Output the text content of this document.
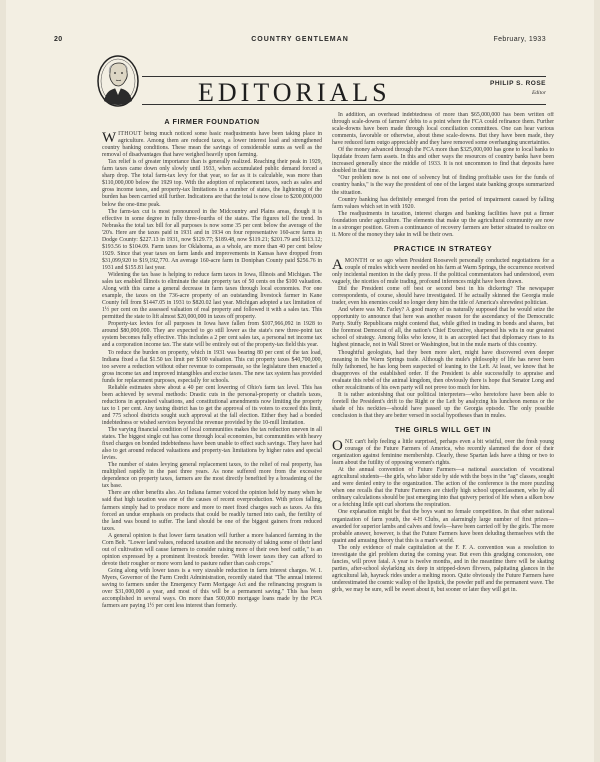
20	COUNTRY GENTLEMAN	February, 1933
EDITORIALS	PHILIP S. ROSE
Editor
A FIRMER FOUNDATION

WITHOUT being much noticed some basic readjustments have been taking place in agriculture. Among them are reduced taxes, a lower interest load and strengthened country banking conditions. These mean the savings of considerable sums as well as the removal of disadvantages that have weighed heavily upon farming.

Tax relief is of greater importance than is generally realized. Reaching their peak in 1929, farm taxes came down only slowly until 1933, when accumulated public demand forced a sharp drop. The total farm-tax levy for that year, so far as it is calculable, was more than $110,000,000 below the 1929 top. With the adoption of replacement taxes, such as sales and gross income taxes, and property-tax limitations in a number of states, the lightening of the burden has been carried still further. Indications are that the total is now close to $200,000,000 below the one-time peak.

The farm-tax cut is most pronounced in the Midcountry and Plains areas, though it is effective in some degree in fully three-fourths of the states. The figures tell the trend. In Nebraska the total tax bill for all purposes is now some 35 per cent below the average of the '20's. Here are the taxes paid in 1931 and in 1934 on four representative 160-acre farms in Dodge County: $227.13 in 1931, now $129.77; $189.48, now $119.21; $201.79 and $113.12; $193.56 to $104.09. Farm taxes for Oklahoma, as a whole, are more than 40 per cent below 1929. Since that year taxes on farm lands and improvements in Kansas have dropped from $31,099,920 to $19,192,770. An average 160-acre farm in Doniphan County paid $256.76 in 1931 and $155.81 last year.

Widening the tax base is helping to reduce farm taxes in Iowa, Illinois and Michigan. The sales tax enabled Illinois to eliminate the state property tax of 50 cents on the $100 valuation. Along with this came a general decrease in farm taxes through local economies. For one example, the taxes on the 736-acre property of an outstanding livestock farmer in Kane County fell from $1447.05 in 1931 to $820.02 last year. Michigan adopted a tax limitation of 1½ per cent on the assessed valuation of real property and followed it with a sales tax. This permitted the state to lift almost $20,000,000 in taxes off property.

Property-tax levies for all purposes in Iowa have fallen from $107,966,092 in 1928 to around $80,000,000. They are expected to go still lower as the state's new three-point tax system becomes fully effective. This includes a 2 per cent sales tax, a personal net income tax and a corporation income tax. The state will be entirely out of the property-tax field this year.

To reduce the burden on property, which in 1931 was bearing 80 per cent of the tax load, Indiana fixed a flat $1.50 tax limit per $100 valuation. This cut property taxes $40,700,000, too severe a reduction without other revenue to compensate, so the legislature then enacted a gross income tax and improved intangibles and excise taxes. The new tax system has provided funds for replacement purposes, especially for schools.

Reliable estimates show about a 40 per cent lowering of Ohio's farm tax level. This has been achieved by several methods: Drastic cuts in the personal-property or chattels taxes, reductions in appraised valuations, and constitutional amendments now limiting the property tax to 1 per cent. Any taxing district has to get the approval of its voters to exceed this limit, and 775 school districts sought such approval at the fall election. Either they had a bonded indebtedness or wished services beyond the revenue provided by the 10-mill limitation.

The varying financial condition of local communities makes the tax reduction uneven in all states. The biggest single cut has come through local economies, but communities with heavy fixed charges on bonded indebtedness have been unable to effect such savings. They have had also to get around reduced valuations and property-tax limitations by higher rates and special levies.

The number of states levying general replacement taxes, to the relief of real property, has multiplied rapidly in the past three years. As none suffered more from the excessive dependence on property taxes, farmers are the most directly benefited by a broadening of the tax base.

There are other benefits also. An Indiana farmer voiced the opinion held by many when he said that high taxation was one of the causes of recent overproduction. With prices falling, farmers simply had to produce more and more to meet fixed charges such as taxes. As this forced an undue emphasis on products that could be readily turned into cash, the fertility of the land was bound to suffer. The land should be one of the biggest gainers from reduced taxes.

A general opinion is that lower farm taxation will further a more balanced farming in the Corn Belt. "Lower land values, reduced taxation and the necessity of taking some of their land out of cultivation will cause farmers to consider raising more of their own beef cattle," is an opinion expressed by a prominent livestock breeder. "With lower taxes they can afford to devote their rougher or more worn land to pasture rather than cash crops."

Going along with lower taxes is a very sizeable reduction in farm interest charges. W. I. Myers, Governor of the Farm Credit Administration, recently stated that "The annual interest saving to farmers under the Emergency Farm Mortgage Act and the refinancing program is over $31,000,000 a year, and most of this will be a permanent saving." This has been accomplished in several ways. On more than 500,000 mortgage loans made by the PCA farmers are paying 1½ per cent less interest than formerly.

In addition, an overhead indebtedness of more than $65,000,000 has been written off through scale-downs of farmers' debts to a point where the FCA could refinance them. Further scale-downs have been made through local conciliation committees. One can hear various comments, favorable or otherwise, about these scale-downs. But they have been made, they have reduced farm outgo appreciably and they have removed some overhanging uncertainties.

Of the money advanced through the FCA more than $325,000,000 has gone to local banks to liquidate frozen farm assets. In this and other ways the resources of country banks have been increased generally since the middle of 1933. It is not uncommon to find that deposits have doubled in that time.

"Our problem now is not one of solvency but of finding profitable uses for the funds of country banks," is the way the president of one of the largest state banking groups summarized the situation.

Country banking has definitely emerged from the period of impairment caused by falling farm values which set in with 1920.

The readjustments in taxation, interest charges and banking facilities have put a firmer foundation under agriculture. The elements that make up the agricultural community are now in a stronger position. Given a continuance of recovery farmers are better situated to realize on it. More of the money they take in will be their own.

PRACTICE IN STRATEGY

AMONTH or so ago when President Roosevelt personally conducted negotiations for a couple of mules which were needed on his farm at Warm Springs, the occurrence received only incidental mention in the daily press. If the political commentators had understood, even vaguely, the niceties of mule trading, profound inferences might have been drawn.

Did the President come off best or second best in his dickering? The newspaper correspondents, of course, should have investigated. If he actually skinned the Georgia mule trader, even his enemies could no longer deny him the title of America's shrewdest politician.

And where was Mr. Farley? A good many of us naturally supposed that he would seize the opportunity to announce that here was another reason for the ascendancy of the Democratic Party. Stuffy Republicans might contend that, while gifted in trading in bonds and shares, but the foremost Democrat of all, the nation's Chief Executive, sharpened his wits in our greatest school of strategy. Among folks who know, it is an accepted fact that diplomacy rises to its highest pinnacle, not in Wall Street or Washington, but in the mule marts of this country.

Thoughtful geologists, had they been more alert, might have discovered even deeper meaning in the Warm Springs trade. Although the mule's philosophy of life has never been fully fathomed, he has long been suspected of leaning to the Left. At least, we know that he disapproves of the established order. If the President is able successfully to appraise and evaluate this rebel of the animal kingdom, then obviously there is hope that Senator Long and other recalcitrants of his own party will not prove too much for him.

It is rather astonishing that our political interpreters—who heretofore have been able to foretell the President's drift to the Right or the Left by analyzing his luncheon menus or the shade of his neckties—should have passed up the Georgia episode. The only possible conclusion is that they are better versed in social hypotheses than in mules.

THE GIRLS WILL GET IN

ONE can't help feeling a little surprised, perhaps even a bit wistful, over the fresh young courage of the Future Farmers of America, who recently slammed the door of their organization against feminine membership. Clearly, these Spartan lads have a thing or two to learn about the futility of opposing women's rights.

At the annual convention of Future Farmers—a national association of vocational agricultural students—the girls, who labor side by side with the boys in the "ag" classes, sought and were denied entry to the organization. The action of the conference is the more puzzling when one recalls that the Future Farmers are chiefly high school upperclassmen, who by all ordinary calculations should be just emerging into that quivery period of life when a silken bow or a fetching little spit curl shortens the respiration.

One explanation might be that the boys want no female competition. In that other national organization of farm youth, the 4-H Clubs, an alarmingly large number of first prizes—awarded for superior lambs and calves and fowls—have been carried off by the girls. The more probable answer, however, is that the Future Farmers have been deluding themselves with the quaint and amusing theory that this is a man's world.

The only evidence of male capitulation at the F. F. A. convention was a resolution to investigate the girl problem during the coming year. But even this grudging concession, one fancies, will prove fatal. A year is twelve months, and in the meantime there will be skating parties, after-school skylarking six deep in stripped-down flivvers, palpitating glances in the agricultural lab, hayrack rides under a melting moon. Quite obviously the Future Farmers have underestimated the cosmic wallop of the lipstick, the powder puff and the permanent wave. The girls, we may be sure, will be sweet about it, but sooner or later they will get in.
